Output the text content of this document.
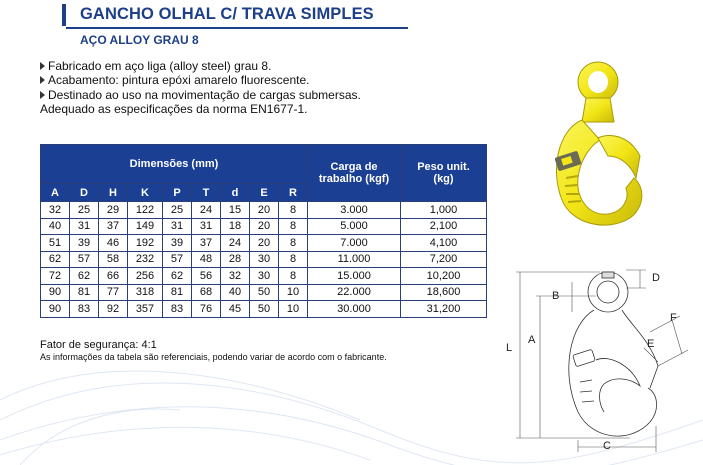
GANCHO OLHAL C/ TRAVA SIMPLES
AÇO ALLOY GRAU 8
Fabricado em aço liga (alloy steel) grau 8.
Acabamento: pintura epóxi amarelo fluorescente.
Destinado ao uso na movimentação de cargas submersas.
Adequado as especificações da norma EN1677-1.
Dimensões (mm)									Carga de trabalho (kgf)	Peso unit. (kg)
A	D	H	K	P	T	d	E	R		
32	25	29	122	25	24	15	20	8	3.000	1,000
40	31	37	149	31	31	18	20	8	5.000	2,100
51	39	46	192	39	37	24	20	8	7.000	4,100
62	57	58	232	57	48	28	30	8	11.000	7,200
72	62	66	256	62	56	32	30	8	15.000	10,200
90	81	77	318	81	68	40	50	10	22.000	18,600
90	83	92	357	83	76	45	50	10	30.000	31,200
Fator de segurança: 4:1
As informações da tabela são referenciais, podendo variar de acordo com o fabricante.
L
A
B
C
D
E
F
